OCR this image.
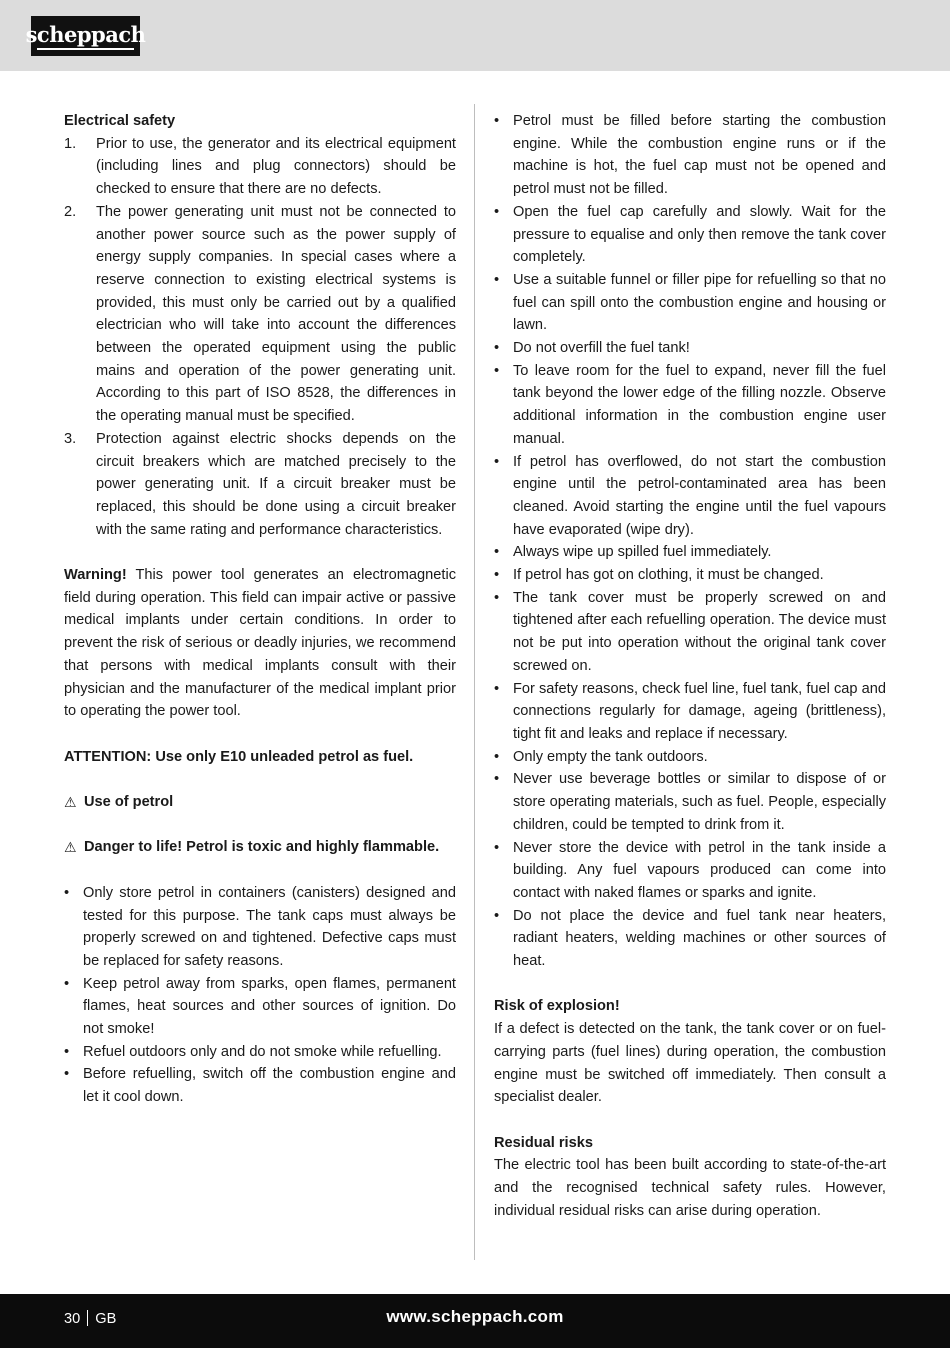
scheppach

Electrical safety

1.	Prior to use, the generator and its electrical equipment (including lines and plug connectors) should be checked to ensure that there are no defects.
2.	The power generating unit must not be connected to another power source such as the power supply of energy supply companies. In special cases where a reserve connection to existing electrical systems is provided, this must only be carried out by a qualified electrician who will take into account the differences between the operated equipment using the public mains and operation of the power generating unit. According to this part of ISO 8528, the differences in the operating manual must be specified.
3.	Protection against electric shocks depends on the circuit breakers which are matched precisely to the power generating unit. If a circuit breaker must be replaced, this should be done using a circuit breaker with the same rating and performance characteristics.

Warning! This power tool generates an electromagnetic field during operation. This field can impair active or passive medical implants under certain conditions. In order to prevent the risk of serious or deadly injuries, we recommend that persons with medical implants consult with their physician and the manufacturer of the medical implant prior to operating the power tool.

ATTENTION: Use only E10 unleaded petrol as fuel.

⚠ Use of petrol
⚠ Danger to life! Petrol is toxic and highly flammable.
• Only store petrol in containers (canisters) designed and tested for this purpose. The tank caps must always be properly screwed on and tightened. Defective caps must be replaced for safety reasons.
• Keep petrol away from sparks, open flames, permanent flames, heat sources and other sources of ignition. Do not smoke!
• Refuel outdoors only and do not smoke while refuelling.
• Before refuelling, switch off the combustion engine and let it cool down.
• Petrol must be filled before starting the combustion engine. While the combustion engine runs or if the machine is hot, the fuel cap must not be opened and petrol must not be filled.
• Open the fuel cap carefully and slowly. Wait for the pressure to equalise and only then remove the tank cover completely.
• Use a suitable funnel or filler pipe for refuelling so that no fuel can spill onto the combustion engine and housing or lawn.
• Do not overfill the fuel tank!
• To leave room for the fuel to expand, never fill the fuel tank beyond the lower edge of the filling nozzle. Observe additional information in the combustion engine user manual.
• If petrol has overflowed, do not start the combustion engine until the petrol-contaminated area has been cleaned. Avoid starting the engine until the fuel vapours have evaporated (wipe dry).
• Always wipe up spilled fuel immediately.
• If petrol has got on clothing, it must be changed.
• The tank cover must be properly screwed on and tightened after each refuelling operation. The device must not be put into operation without the original tank cover screwed on.
• For safety reasons, check fuel line, fuel tank, fuel cap and connections regularly for damage, ageing (brittleness), tight fit and leaks and replace if necessary.
• Only empty the tank outdoors.
• Never use beverage bottles or similar to dispose of or store operating materials, such as fuel. People, especially children, could be tempted to drink from it.
• Never store the device with petrol in the tank inside a building. Any fuel vapours produced can come into contact with naked flames or sparks and ignite.
• Do not place the device and fuel tank near heaters, radiant heaters, welding machines or other sources of heat.

Risk of explosion!

If a defect is detected on the tank, the tank cover or on fuel-carrying parts (fuel lines) during operation, the combustion engine must be switched off immediately. Then consult a specialist dealer.

Residual risks

The electric tool has been built according to state-of-the-art and the recognised technical safety rules. However, individual residual risks can arise during operation.

30 GB	www.scheppach.com
